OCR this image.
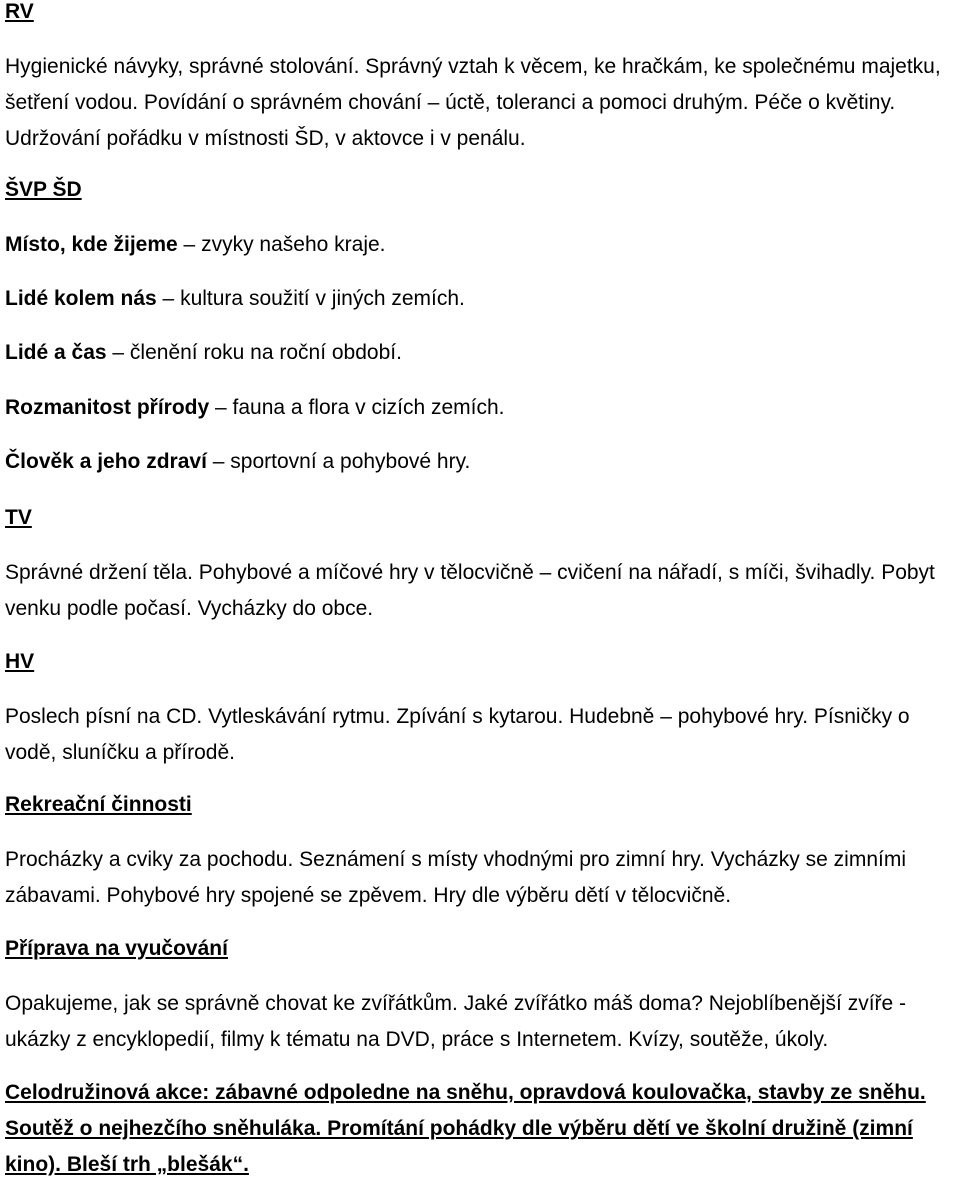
RV

Hygienické návyky, správné stolování. Správný vztah k věcem, ke hračkám, ke společnému majetku, šetření vodou. Povídání o správném chování – úctě, toleranci a pomoci druhým. Péče o květiny. Udržování pořádku v místnosti ŠD, v aktovce i v penálu.

ŠVP ŠD
Místo, kde žijeme – zvyky našeho kraje.
Lidé kolem nás – kultura soužití v jiných zemích.
Lidé a čas – členění roku na roční období.
Rozmanitost přírody – fauna a flora v cizích zemích.
Člověk a jeho zdraví – sportovní a pohybové hry.
TV

Správné držení těla. Pohybové a míčové hry v tělocvičně – cvičení na nářadí, s míči, švihadly. Pobyt venku podle počasí. Vycházky do obce.

HV

Poslech písní na CD. Vytleskávání rytmu. Zpívání s kytarou. Hudebně – pohybové hry. Písničky o vodě, sluníčku a přírodě.

Rekreační činnosti

Procházky a cviky za pochodu. Seznámení s místy vhodnými pro zimní hry. Vycházky se zimními zábavami. Pohybové hry spojené se zpěvem. Hry dle výběru dětí v tělocvičně.

Příprava na vyučování

Opakujeme, jak se správně chovat ke zvířátkům. Jaké zvířátko máš doma? Nejoblíbenější zvíře - ukázky z encyklopedií, filmy k tématu na DVD, práce s Internetem. Kvízy, soutěže, úkoly.

Celodružinová akce: zábavné odpoledne na sněhu, opravdová koulovačka, stavby ze sněhu. Soutěž o nejhezčího sněhuláka. Promítání pohádky dle výběru dětí ve školní družině (zimní kino). Bleší trh „blešák“.
